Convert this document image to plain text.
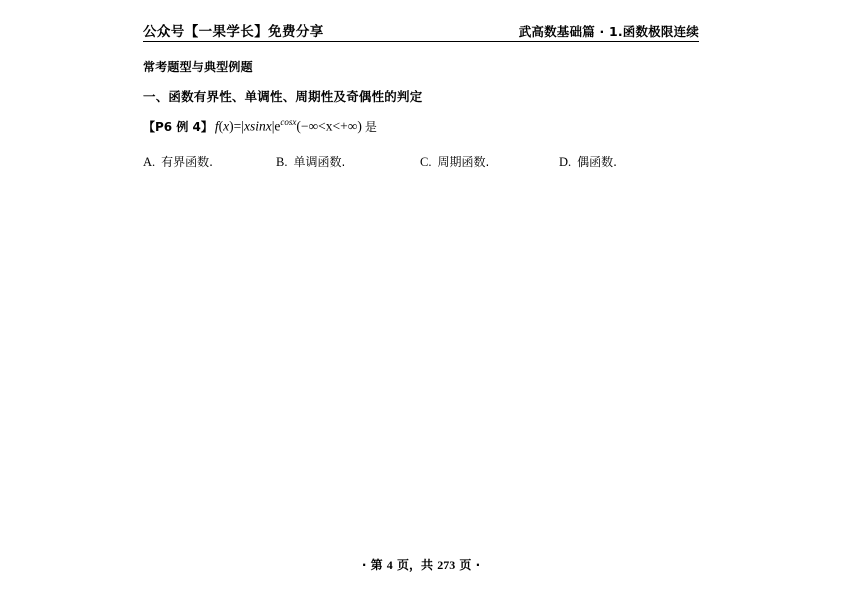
公众号【一果学长】免费分享	武高数基础篇 · 1.函数极限连续
常考题型与典型例题
一、函数有界性、单调性、周期性及奇偶性的判定
【P6 例 4】 $f(x)=|xsinx|e^{cosx}(-\infty<x<+\infty)$ 是
A. 有界函数.	B. 单调函数.	C. 周期函数.	D. 偶函数.
· 第 4 页，共 273 页 ·
